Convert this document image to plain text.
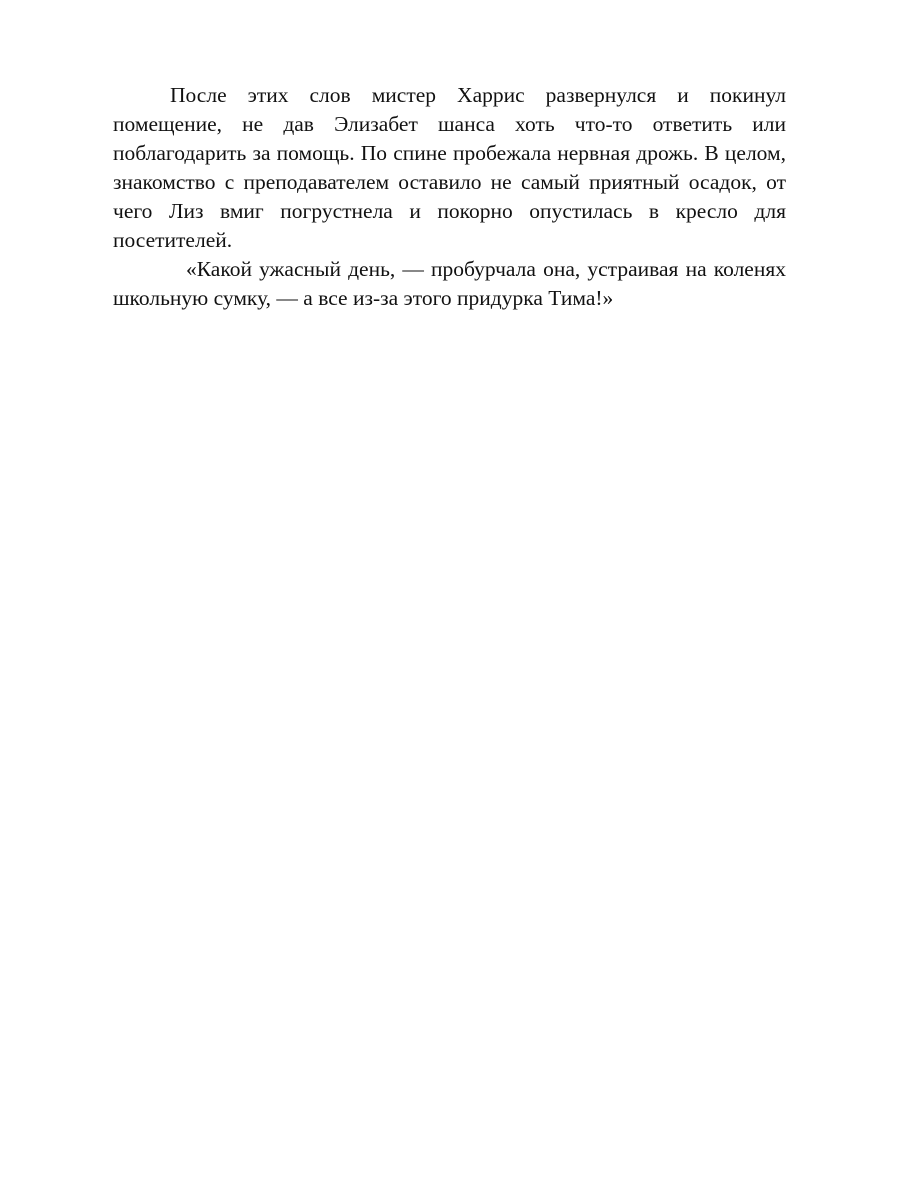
После этих слов мистер Харрис развернулся и покинул помещение, не дав Элизабет шанса хоть что-то ответить или поблагодарить за помощь. По спине пробежала нервная дрожь. В целом, знакомство с преподавателем оставило не самый приятный осадок, от чего Лиз вмиг погрустнела и покорно опустилась в кресло для посетителей.

«Какой ужасный день, — пробурчала она, устраивая на коленях школьную сумку, — а все из-за этого придурка Тима!»
